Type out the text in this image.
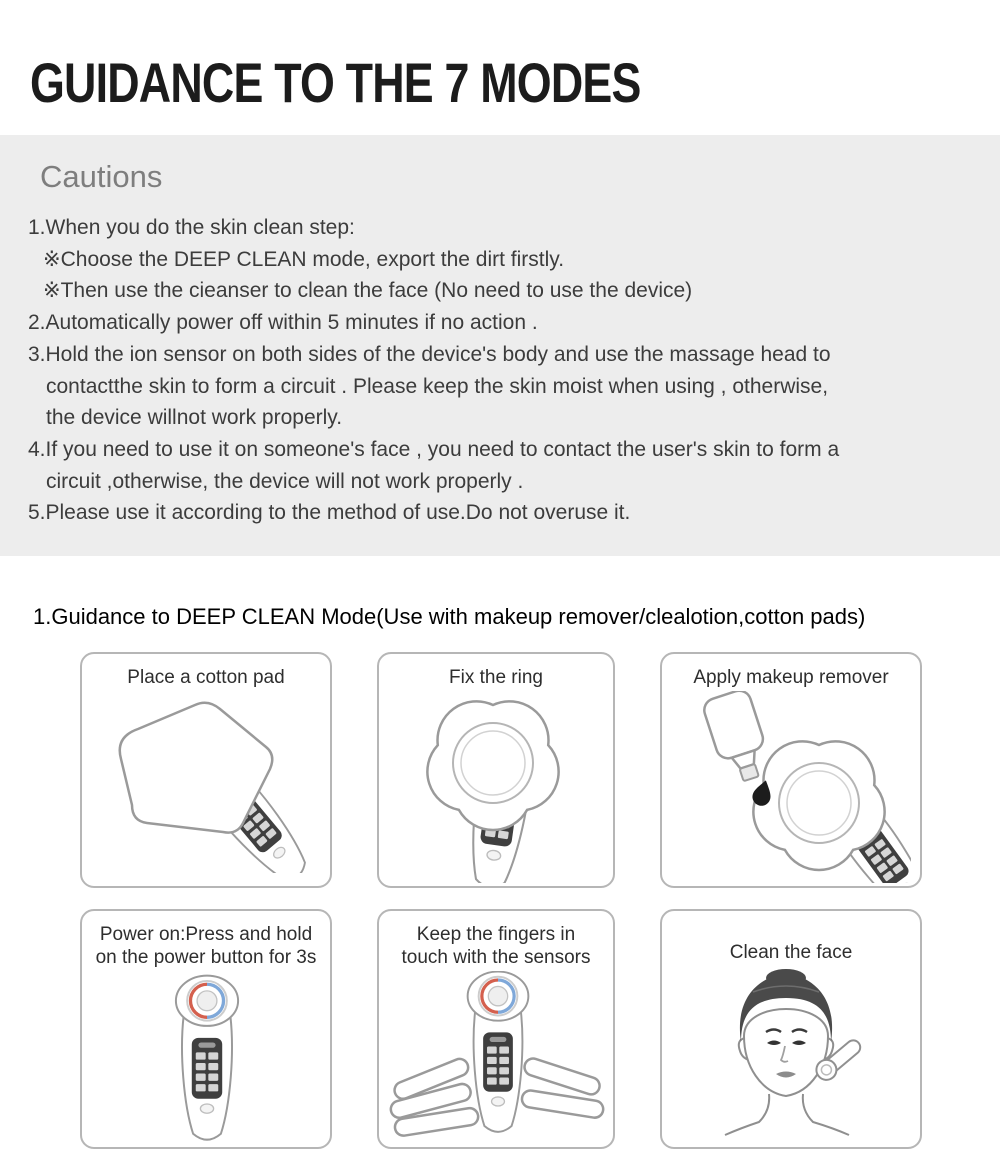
GUIDANCE TO THE 7 MODES
Cautions
1.When you do the skin clean step:
※Choose the DEEP CLEAN mode, export the dirt firstly.
※Then use the cieanser to clean the face (No need to use the device)
2.Automatically power off within 5 minutes if no action .
3.Hold the ion sensor on both sides of the device's body and use the massage head to
contactthe skin to form a circuit . Please keep the skin moist when using , otherwise,
the device willnot work properly.
4.If you need to use it on someone's face , you need to contact the user's skin to form a
circuit ,otherwise, the device will not work properly .
5.Please use it according to the method of use.Do not overuse it.
1.Guidance to DEEP CLEAN Mode(Use with makeup remover/clealotion,cotton pads)
Place a cotton pad	Fix the ring	Apply makeup remover
Power on:Press and hold
on the power button for 3s
Keep the fingers in
touch with the sensors	Clean the face
